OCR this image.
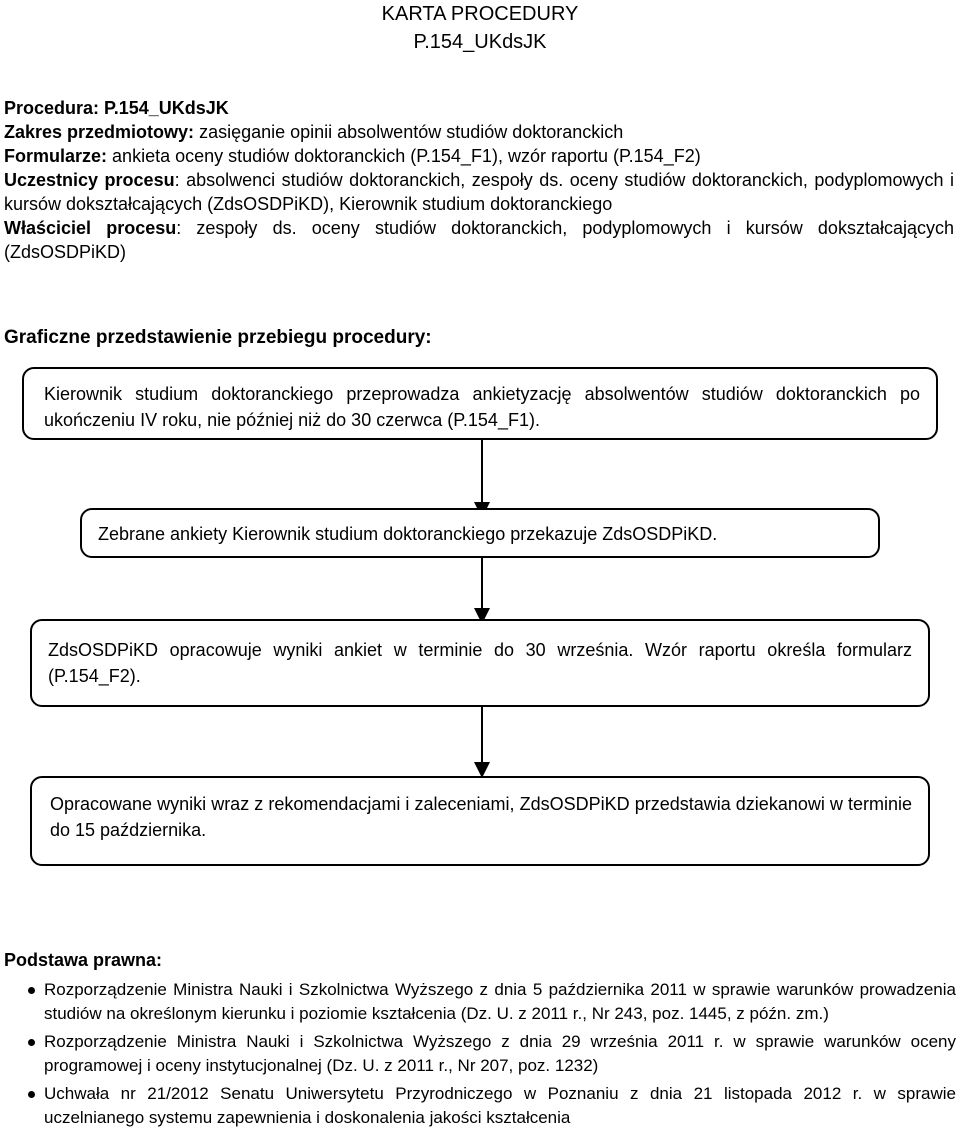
KARTA PROCEDURY
P.154_UKdsJK
Procedura: P.154_UKdsJK
Zakres przedmiotowy: zasięganie opinii absolwentów studiów doktoranckich
Formularze: ankieta oceny studiów doktoranckich (P.154_F1), wzór raportu (P.154_F2)
Uczestnicy procesu: absolwenci studiów doktoranckich, zespoły ds. oceny studiów doktoranckich, podyplomowych i kursów dokształcających (ZdsOSDPiKD), Kierownik studium doktoranckiego
Właściciel procesu: zespoły ds. oceny studiów doktoranckich, podyplomowych i kursów dokształcających (ZdsOSDPiKD)
Graficzne przedstawienie przebiegu procedury:
Kierownik studium doktoranckiego przeprowadza ankietyzację absolwentów studiów doktoranckich po ukończeniu IV roku, nie później niż do 30 czerwca (P.154_F1).
Zebrane ankiety Kierownik studium doktoranckiego przekazuje ZdsOSDPiKD.
ZdsOSDPiKD opracowuje wyniki ankiet w terminie do 30 września. Wzór raportu określa formularz (P.154_F2).
Opracowane wyniki wraz z rekomendacjami i zaleceniami, ZdsOSDPiKD przedstawia dziekanowi w terminie do 15 października.
Podstawa prawna:
Rozporządzenie Ministra Nauki i Szkolnictwa Wyższego z dnia 5 października 2011 w sprawie warunków prowadzenia studiów na określonym kierunku i poziomie kształcenia (Dz. U. z 2011 r., Nr 243, poz. 1445, z późn. zm.)
Rozporządzenie Ministra Nauki i Szkolnictwa Wyższego z dnia 29 września 2011 r. w sprawie warunków oceny programowej i oceny instytucjonalnej (Dz. U. z 2011 r., Nr 207, poz. 1232)
Uchwała nr 21/2012 Senatu Uniwersytetu Przyrodniczego w Poznaniu z dnia 21 listopada 2012 r. w sprawie uczelnianego systemu zapewnienia i doskonalenia jakości kształcenia
